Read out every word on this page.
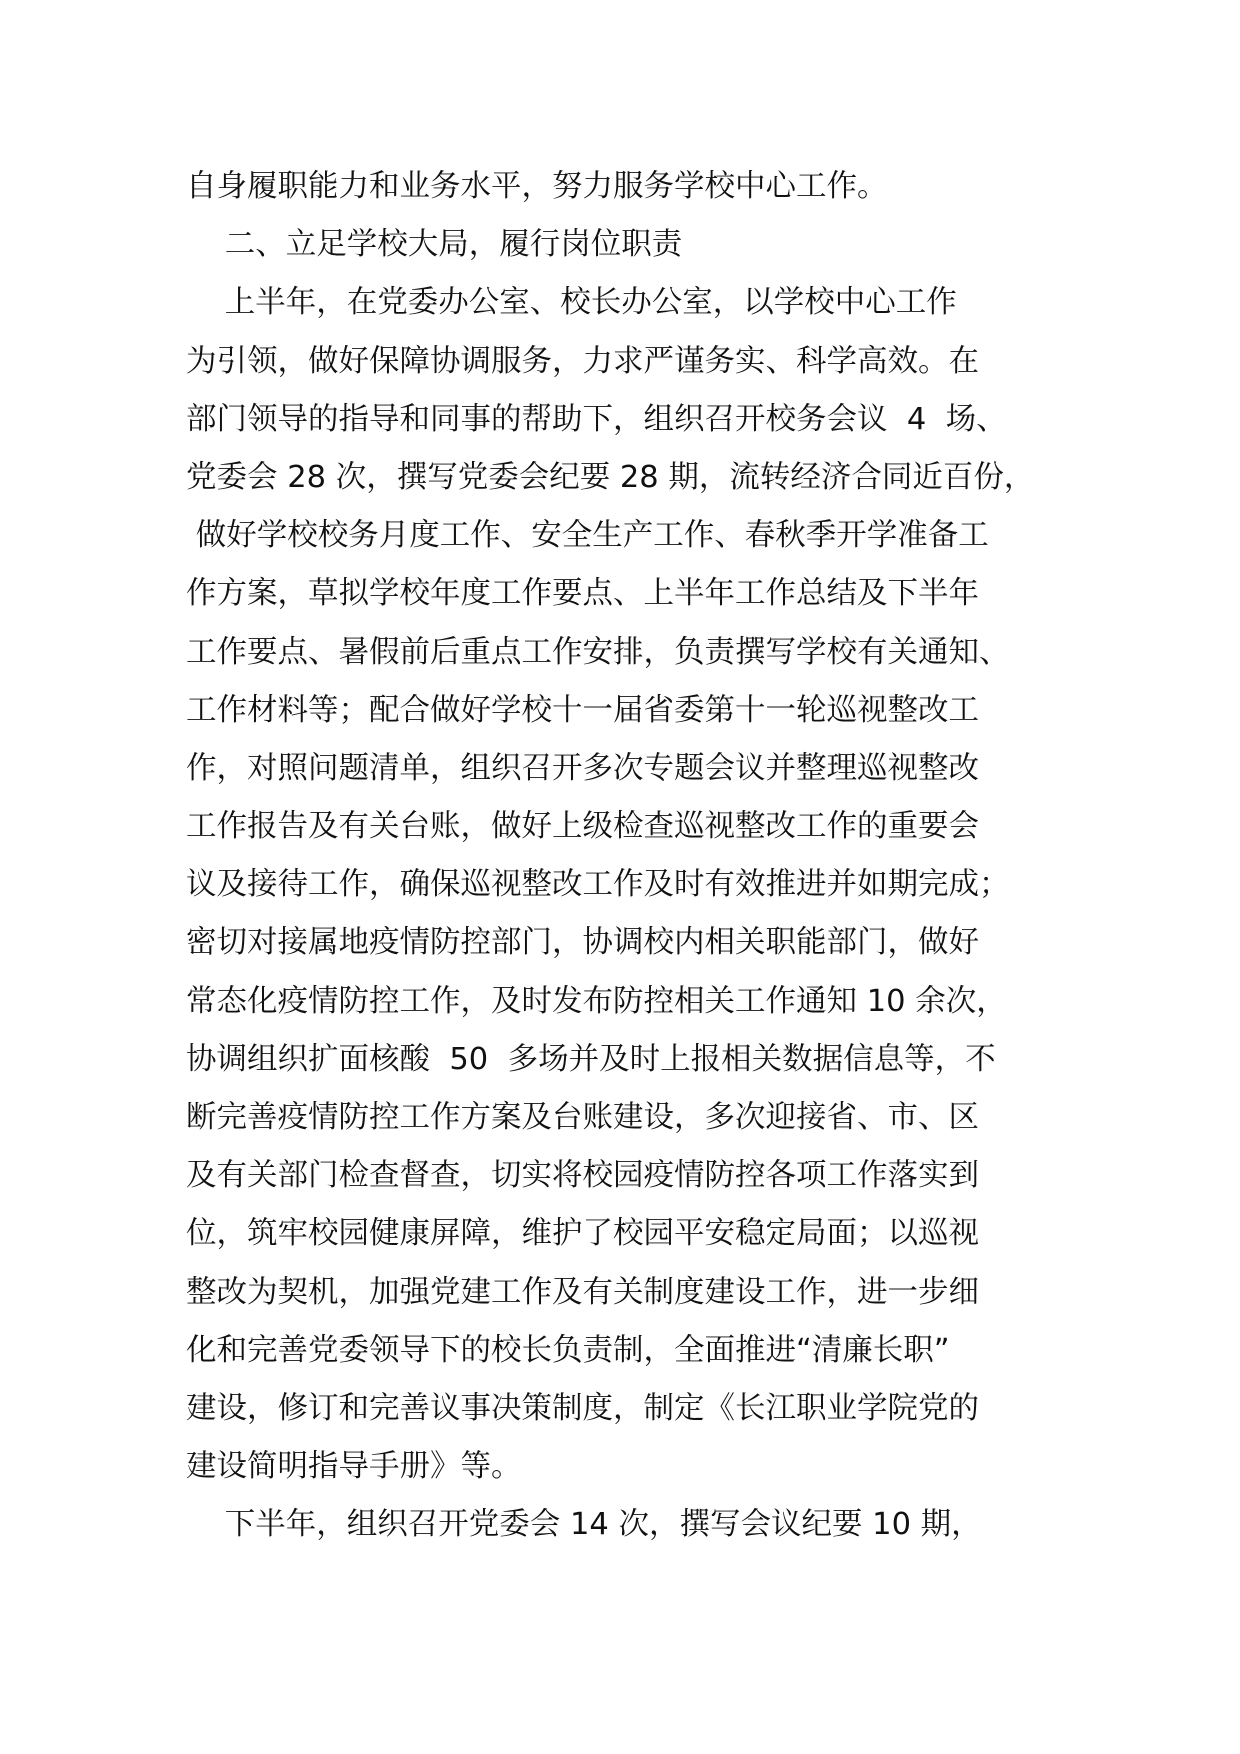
自身履职能力和业务水平，努力服务学校中心工作。
二、立足学校大局，履行岗位职责
上半年，在党委办公室、校长办公室，以学校中心工作
为引领，做好保障协调服务，力求严谨务实、科学高效。在
部门领导的指导和同事的帮助下，组织召开校务会议  4  场、
党委会 28 次，撰写党委会纪要 28 期，流转经济合同近百份，
做好学校校务月度工作、安全生产工作、春秋季开学准备工
作方案，草拟学校年度工作要点、上半年工作总结及下半年
工作要点、暑假前后重点工作安排，负责撰写学校有关通知、
工作材料等；配合做好学校十一届省委第十一轮巡视整改工
作，对照问题清单，组织召开多次专题会议并整理巡视整改
工作报告及有关台账，做好上级检查巡视整改工作的重要会
议及接待工作，确保巡视整改工作及时有效推进并如期完成；
密切对接属地疫情防控部门，协调校内相关职能部门，做好
常态化疫情防控工作，及时发布防控相关工作通知 10 余次，
协调组织扩面核酸  50  多场并及时上报相关数据信息等，不
断完善疫情防控工作方案及台账建设，多次迎接省、市、区
及有关部门检查督查，切实将校园疫情防控各项工作落实到
位，筑牢校园健康屏障，维护了校园平安稳定局面；以巡视
整改为契机，加强党建工作及有关制度建设工作，进一步细
化和完善党委领导下的校长负责制，全面推进“清廉长职”
建设，修订和完善议事决策制度，制定《长江职业学院党的
建设简明指导手册》等。
下半年，组织召开党委会 14 次，撰写会议纪要 10 期，
